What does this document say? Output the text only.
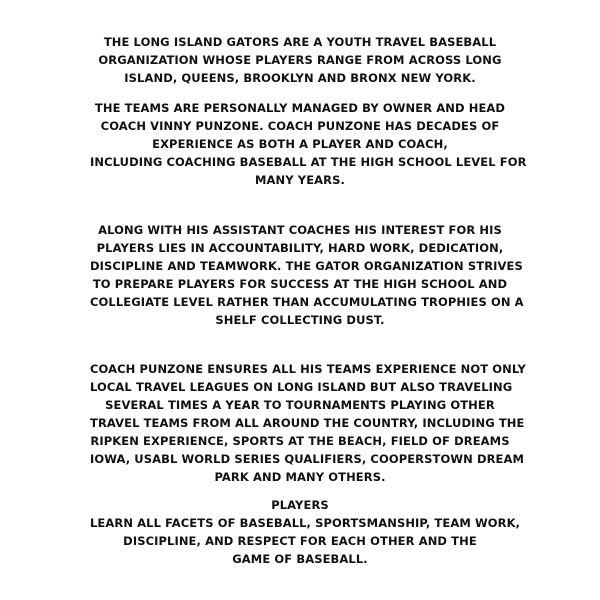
THE LONG ISLAND GATORS ARE A YOUTH TRAVEL BASEBALL
ORGANIZATION WHOSE PLAYERS RANGE FROM ACROSS LONG
ISLAND, QUEENS, BROOKLYN AND BRONX NEW YORK.
THE TEAMS ARE PERSONALLY MANAGED BY OWNER AND HEAD
COACH VINNY PUNZONE. COACH PUNZONE HAS DECADES OF
EXPERIENCE AS BOTH A PLAYER AND COACH,
INCLUDING COACHING BASEBALL AT THE HIGH SCHOOL LEVEL FOR
MANY YEARS.
ALONG WITH HIS ASSISTANT COACHES HIS INTEREST FOR HIS
PLAYERS LIES IN ACCOUNTABILITY, HARD WORK, DEDICATION,
DISCIPLINE AND TEAMWORK. THE GATOR ORGANIZATION STRIVES
TO PREPARE PLAYERS FOR SUCCESS AT THE HIGH SCHOOL AND
COLLEGIATE LEVEL RATHER THAN ACCUMULATING TROPHIES ON A
SHELF COLLECTING DUST.
COACH PUNZONE ENSURES ALL HIS TEAMS EXPERIENCE NOT ONLY
LOCAL TRAVEL LEAGUES ON LONG ISLAND BUT ALSO TRAVELING
SEVERAL TIMES A YEAR TO TOURNAMENTS PLAYING OTHER
TRAVEL TEAMS FROM ALL AROUND THE COUNTRY, INCLUDING THE
RIPKEN EXPERIENCE, SPORTS AT THE BEACH, FIELD OF DREAMS
IOWA, USABL WORLD SERIES QUALIFIERS, COOPERSTOWN DREAM
PARK AND MANY OTHERS.
PLAYERS
LEARN ALL FACETS OF BASEBALL, SPORTSMANSHIP, TEAM WORK,
DISCIPLINE, AND RESPECT FOR EACH OTHER AND THE
GAME OF BASEBALL.
